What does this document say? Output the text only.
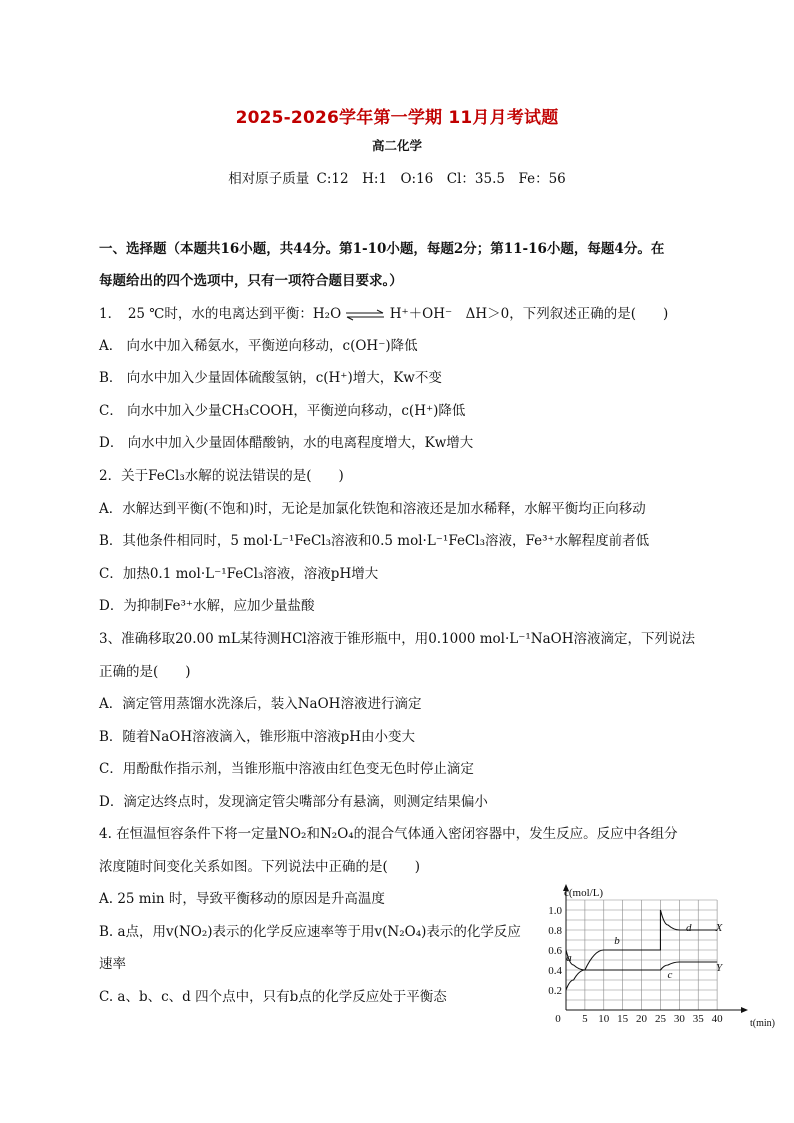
2025-2026学年第一学期 11月月考试题
高二化学
相对原子质量 C:12　H:1　O:16　Cl：35.5　Fe：56
一、选择题（本题共16小题，共44分。第1-10小题，每题2分；第11-16小题，每题4分。在
每题给出的四个选项中，只有一项符合题目要求。）
1．　25 ℃时，水的电离达到平衡：H₂O ⇌ H⁺＋OH⁻　ΔH＞0，下列叙述正确的是(　　)
A． 向水中加入稀氨水，平衡逆向移动，c(OH⁻)降低
B． 向水中加入少量固体硫酸氢钠，c(H⁺)增大，Kw不变
C． 向水中加入少量CH₃COOH，平衡逆向移动，c(H⁺)降低
D． 向水中加入少量固体醋酸钠，水的电离程度增大，Kw增大
2．关于FeCl₃水解的说法错误的是(　　)
A．水解达到平衡(不饱和)时，无论是加氯化铁饱和溶液还是加水稀释，水解平衡均正向移动
B．其他条件相同时，5 mol·L⁻¹FeCl₃溶液和0.5 mol·L⁻¹FeCl₃溶液，Fe³⁺水解程度前者低
C．加热0.1 mol·L⁻¹FeCl₃溶液，溶液pH增大
D．为抑制Fe³⁺水解，应加少量盐酸
3、准确移取20.00 mL某待测HCl溶液于锥形瓶中，用0.1000 mol·L⁻¹NaOH溶液滴定，下列说法
正确的是(　　)
A．滴定管用蒸馏水洗涤后，装入NaOH溶液进行滴定
B．随着NaOH溶液滴入，锥形瓶中溶液pH由小变大
C．用酚酞作指示剂，当锥形瓶中溶液由红色变无色时停止滴定
D．滴定达终点时，发现滴定管尖嘴部分有悬滴，则测定结果偏小
4. 在恒温恒容条件下将一定量NO₂和N₂O₄的混合气体通入密闭容器中，发生反应。反应中各组分
浓度随时间变化关系如图。下列说法中正确的是(　　)
A. 25 min 时，导致平衡移动的原因是升高温度
B. a点，用v(NO₂)表示的化学反应速率等于用v(N₂O₄)表示的化学反应
速率
C. a、b、c、d 四个点中，只有b点的化学反应处于平衡态
0 5 10 15 20 25 30 35 40
0.2
0.4
0.6
0.8
1.0
c(mol/L)
t(min)
a
b
c
d X
Y
